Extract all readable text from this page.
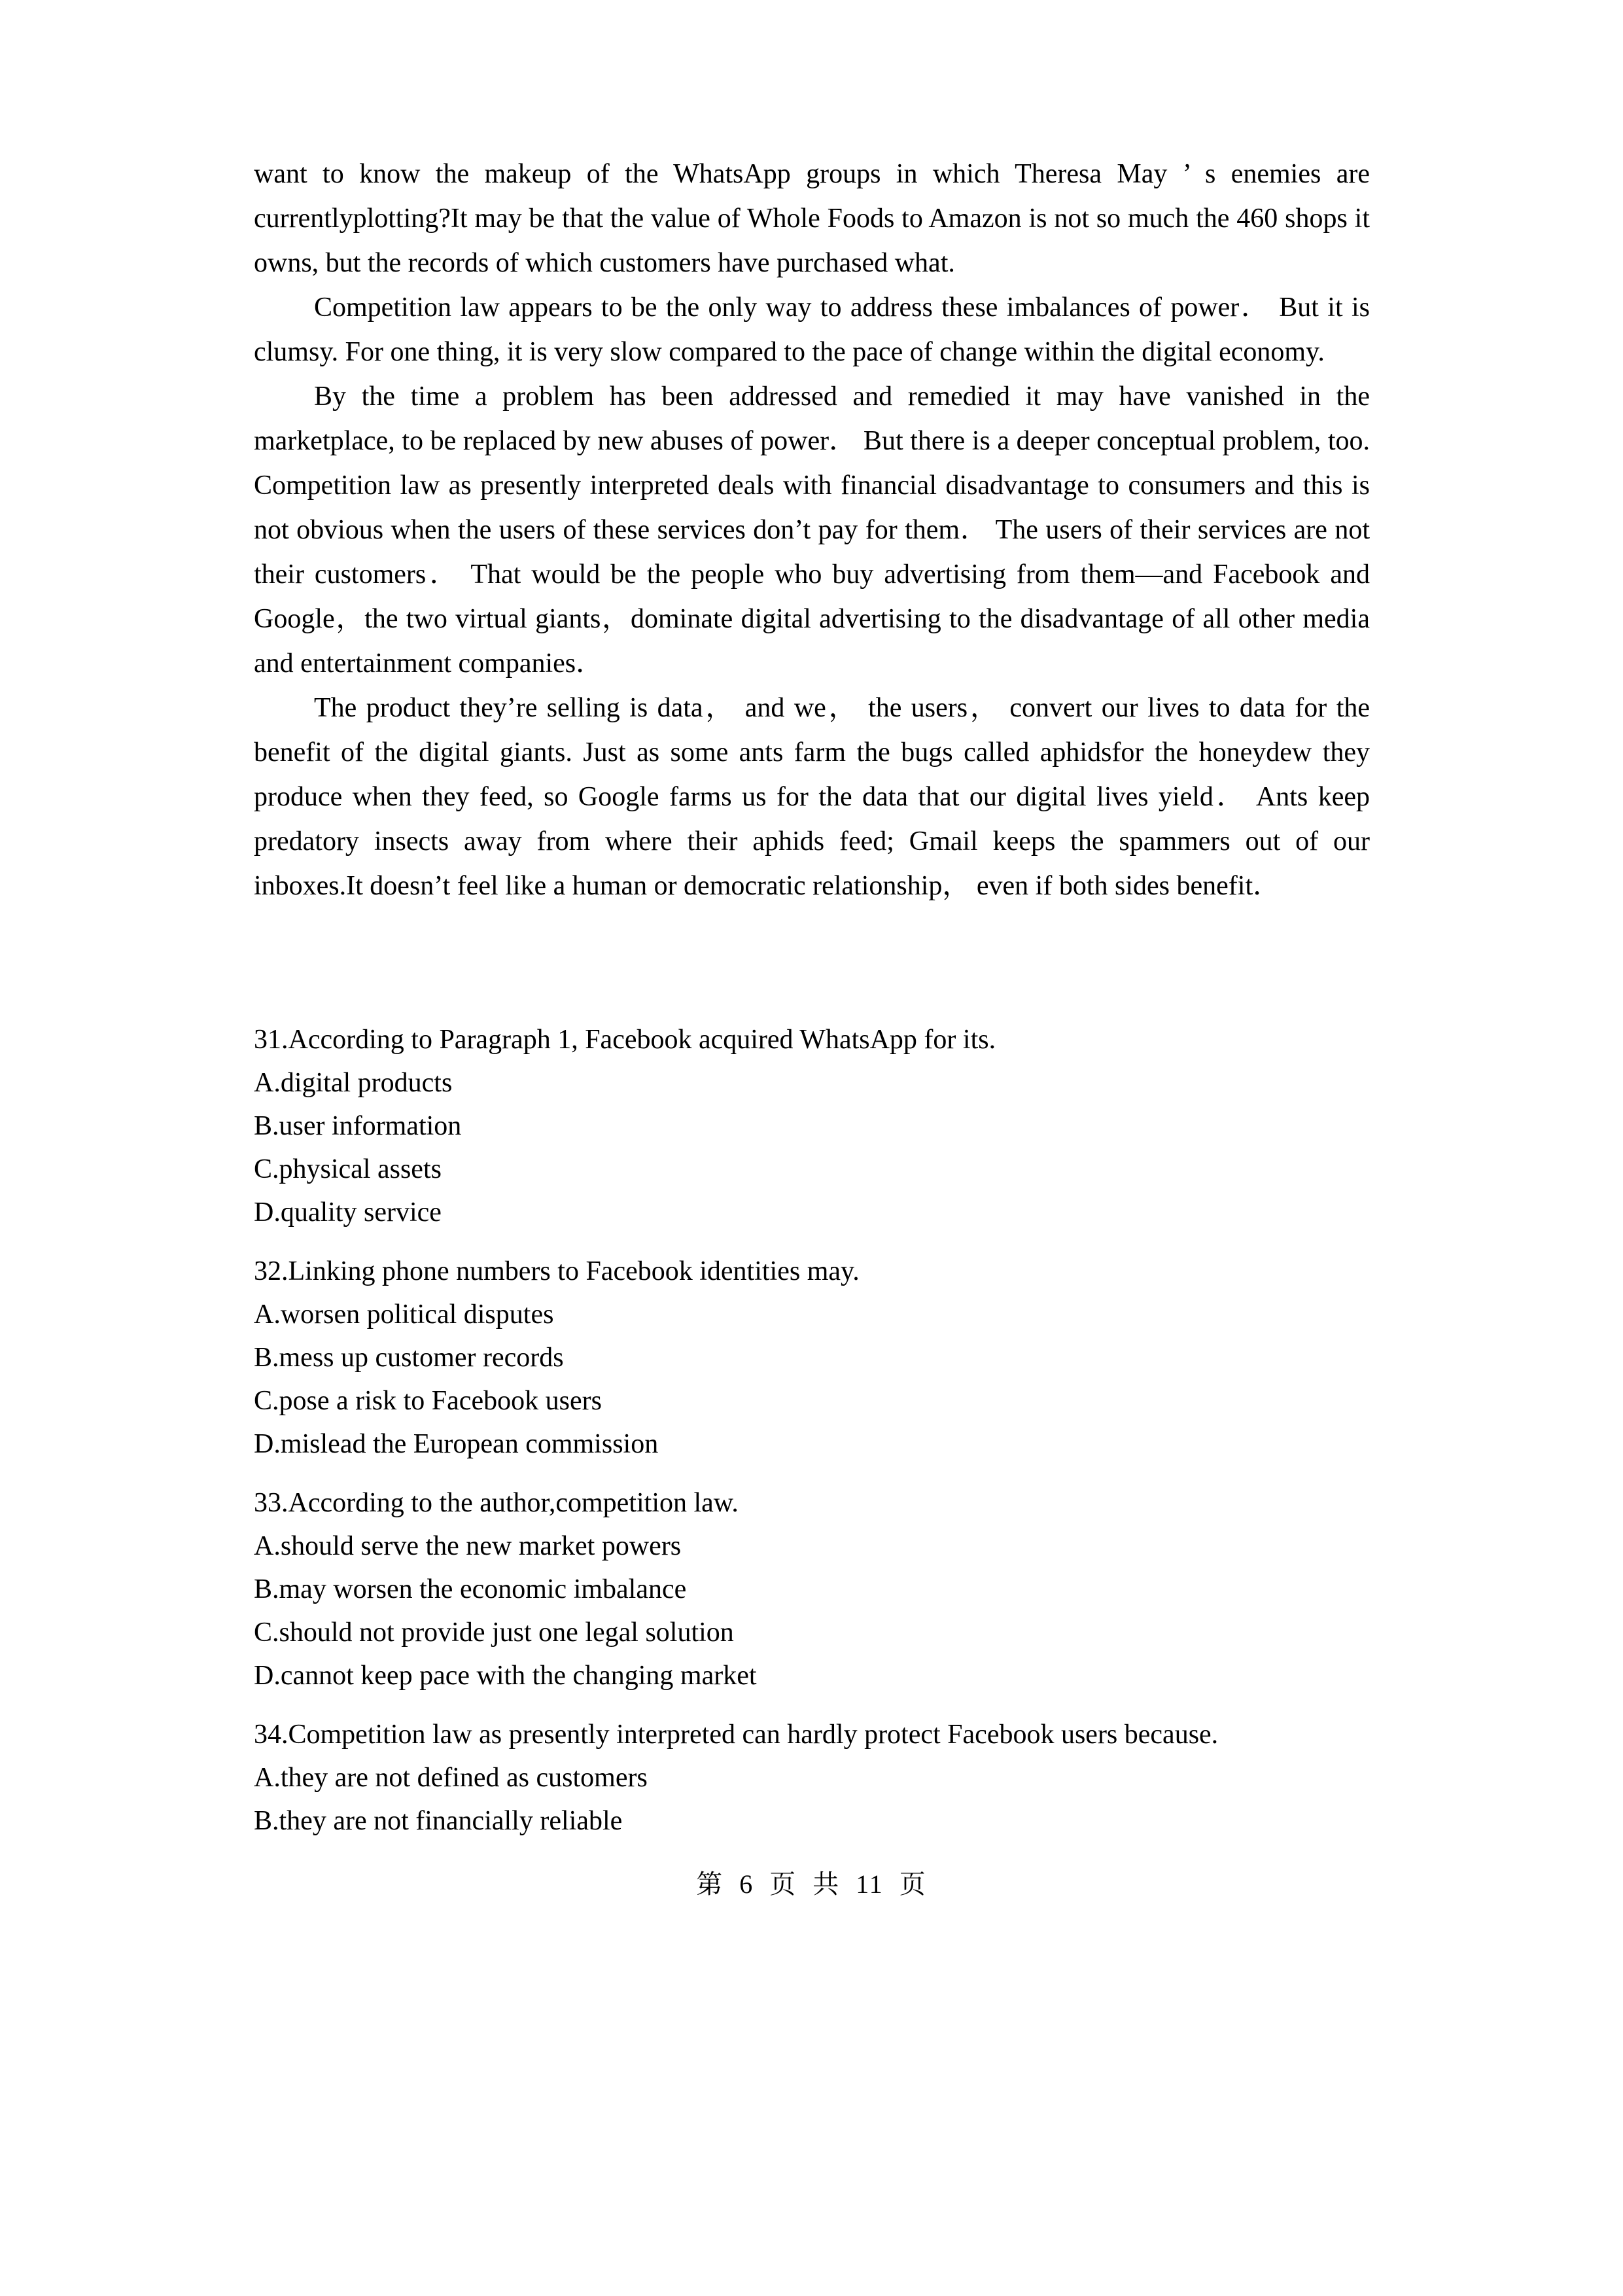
want to know the makeup of the WhatsApp groups in which Theresa May ’ s enemies are currentlyplotting?It may be that the value of Whole Foods to Amazon is not so much the 460 shops it owns, but the records of which customers have purchased what.

Competition law appears to be the only way to address these imbalances of power． But it is clumsy. For one thing, it is very slow compared to the pace of change within the digital economy.

By the time a problem has been addressed and remedied it may have vanished in the marketplace, to be replaced by new abuses of power． But there is a deeper conceptual problem, too. Competition law as presently interpreted deals with financial disadvantage to consumers and this is not obvious when the users of these services don’t pay for them． The users of their services are not their customers． That would be the people who buy advertising from them—and Facebook and Google，the two virtual giants，dominate digital advertising to the disadvantage of all other media and entertainment companies．

The product they’re selling is data， and we， the users， convert our lives to data for the benefit of the digital giants. Just as some ants farm the bugs called aphidsfor the honeydew they produce when they feed, so Google farms us for the data that our digital lives yield． Ants keep predatory insects away from where their aphids feed; Gmail keeps the spammers out of our inboxes.It doesn’t feel like a human or democratic relationship， even if both sides benefit．

31.According to Paragraph 1, Facebook acquired WhatsApp for its.
A.digital products
B.user information
C.physical assets
D.quality service
32.Linking phone numbers to Facebook identities may.
A.worsen political disputes
B.mess up customer records
C.pose a risk to Facebook users
D.mislead the European commission
33.According to the author,competition law.
A.should serve the new market powers
B.may worsen the economic imbalance
C.should not provide just one legal solution
D.cannot keep pace with the changing market
34.Competition law as presently interpreted can hardly protect Facebook users because.
A.they are not defined as customers
B.they are not financially reliable
第 6 页 共 11 页
